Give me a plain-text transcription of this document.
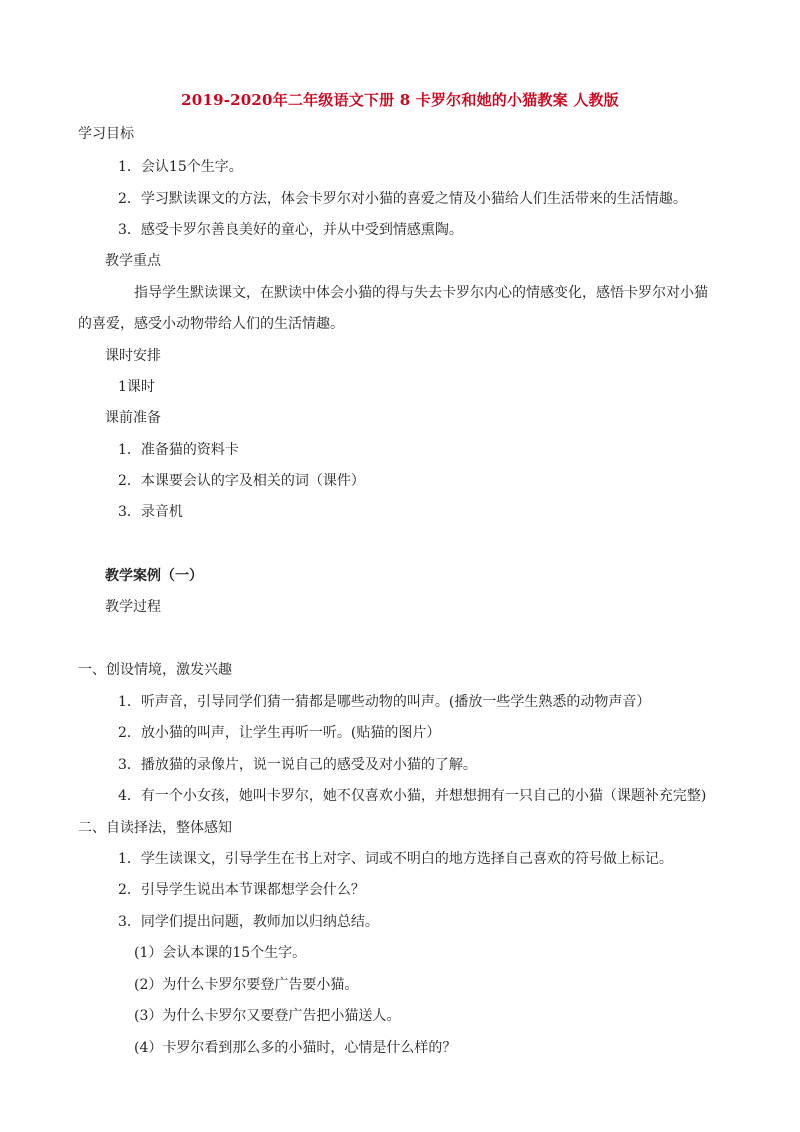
2019-2020年二年级语文下册 8 卡罗尔和她的小猫教案 人教版
学习目标
1．会认15个生字。
2．学习默读课文的方法，体会卡罗尔对小猫的喜爱之情及小猫给人们生活带来的生活情趣。
3．感受卡罗尔善良美好的童心，并从中受到情感熏陶。
教学重点
指导学生默读课文，在默读中体会小猫的得与失去卡罗尔内心的情感变化，感悟卡罗尔对小猫
的喜爱，感受小动物带给人们的生活情趣。
课时安排
1课时
课前准备
1．准备猫的资料卡
2．本课要会认的字及相关的词（课件）
3．录音机
教学案例（一）
教学过程
一、创设情境，激发兴趣
1．听声音，引导同学们猜一猜都是哪些动物的叫声。(播放一些学生熟悉的动物声音）
2．放小猫的叫声，让学生再听一听。(贴猫的图片）
3．播放猫的录像片，说一说自己的感受及对小猫的了解。
4．有一个小女孩，她叫卡罗尔，她不仅喜欢小猫，并想想拥有一只自己的小猫（课题补充完整)
二、自读择法，整体感知
1．学生读课文，引导学生在书上对字、词或不明白的地方选择自己喜欢的符号做上标记。
2．引导学生说出本节课都想学会什么？
3．同学们提出问题，教师加以归纳总结。
(1）会认本课的15个生字。
(2）为什么卡罗尔要登广告要小猫。
(3）为什么卡罗尔又要登广告把小猫送人。
(4）卡罗尔看到那么多的小猫时，心情是什么样的？
